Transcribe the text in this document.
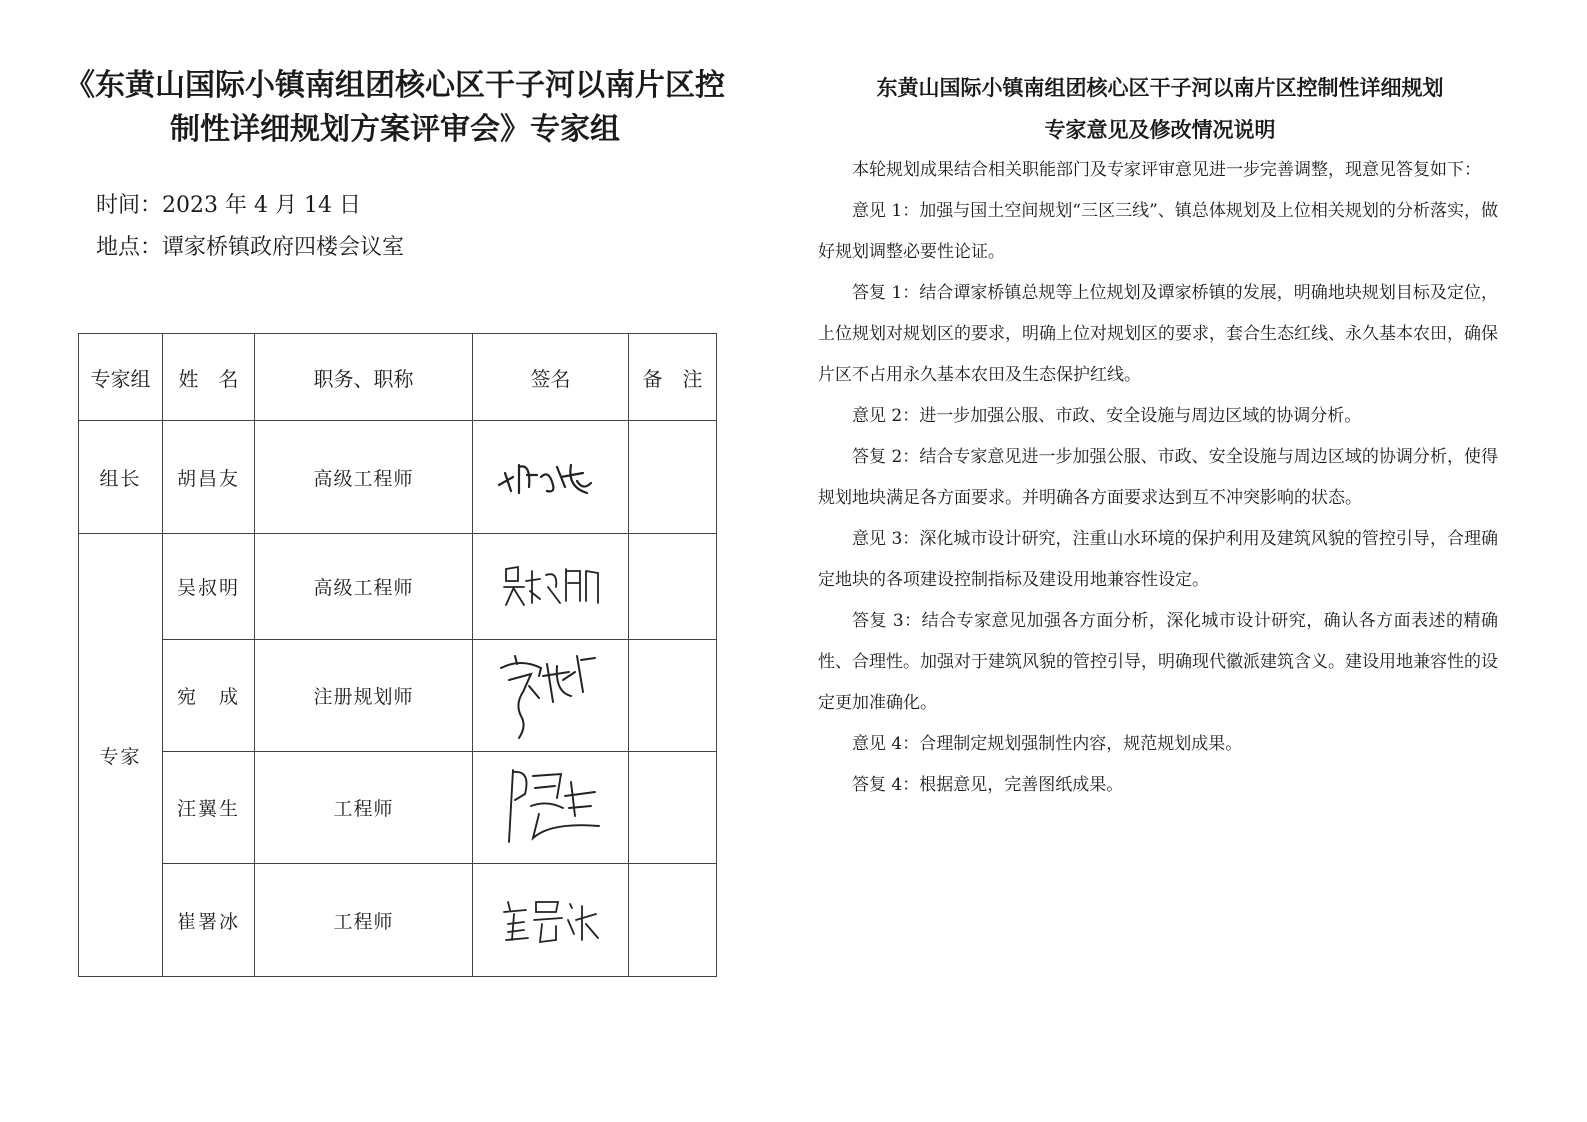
《东黄山国际小镇南组团核心区干子河以南片区控制性详细规划方案评审会》专家组
时间：2023 年 4 月 14 日
地点：谭家桥镇政府四楼会议室
专家组	姓　名	职务、职称	签名	备　注
组长	胡昌友	高级工程师	

专家	吴叔明	高级工程师	

	宛　成	注册规划师	

	汪翼生	工程师	

	崔署冰	工程师	

东黄山国际小镇南组团核心区干子河以南片区控制性详细规划
专家意见及修改情况说明

本轮规划成果结合相关职能部门及专家评审意见进一步完善调整，现意见答复如下：

意见 1：加强与国土空间规划“三区三线”、镇总体规划及上位相关规划的分析落实，做好规划调整必要性论证。

答复 1：结合谭家桥镇总规等上位规划及谭家桥镇的发展，明确地块规划目标及定位，上位规划对规划区的要求，明确上位对规划区的要求，套合生态红线、永久基本农田，确保片区不占用永久基本农田及生态保护红线。

意见 2：进一步加强公服、市政、安全设施与周边区域的协调分析。

答复 2：结合专家意见进一步加强公服、市政、安全设施与周边区域的协调分析，使得规划地块满足各方面要求。并明确各方面要求达到互不冲突影响的状态。

意见 3：深化城市设计研究，注重山水环境的保护利用及建筑风貌的管控引导，合理确定地块的各项建设控制指标及建设用地兼容性设定。

答复 3：结合专家意见加强各方面分析，深化城市设计研究，确认各方面表述的精确性、合理性。加强对于建筑风貌的管控引导，明确现代徽派建筑含义。建设用地兼容性的设定更加准确化。

意见 4：合理制定规划强制性内容，规范规划成果。

答复 4：根据意见，完善图纸成果。
